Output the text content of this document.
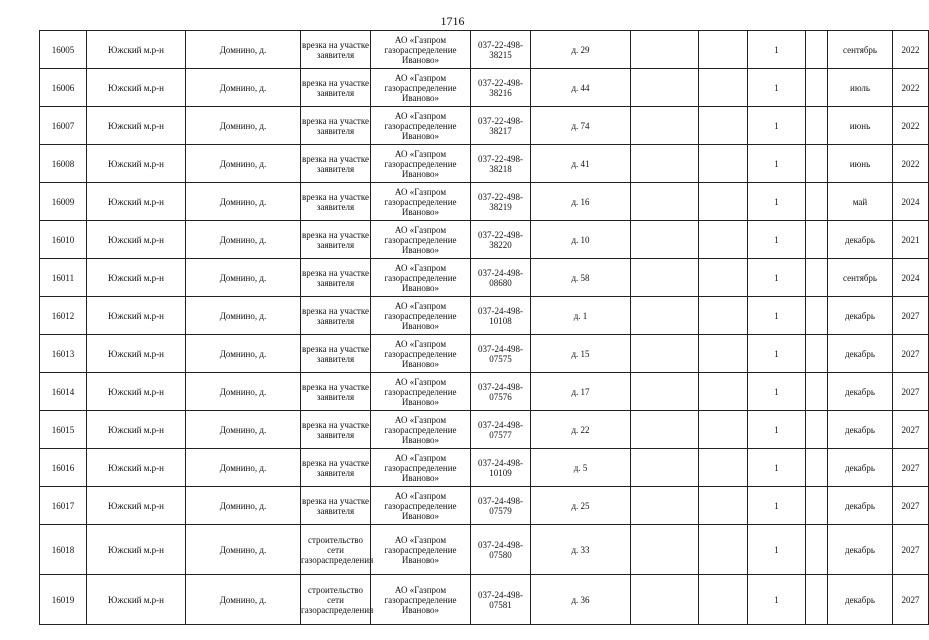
1716
16005	Южский м.р-н	Домнино, д.	врезка на участке заявителя	АО «Газпром газораспределение Иваново»	037-22-498-38215	д. 29			1		сентябрь	2022
16006	Южский м.р-н	Домнино, д.	врезка на участке заявителя	АО «Газпром газораспределение Иваново»	037-22-498-38216	д. 44			1		июль	2022
16007	Южский м.р-н	Домнино, д.	врезка на участке заявителя	АО «Газпром газораспределение Иваново»	037-22-498-38217	д. 74			1		июнь	2022
16008	Южский м.р-н	Домнино, д.	врезка на участке заявителя	АО «Газпром газораспределение Иваново»	037-22-498-38218	д. 41			1		июнь	2022
16009	Южский м.р-н	Домнино, д.	врезка на участке заявителя	АО «Газпром газораспределение Иваново»	037-22-498-38219	д. 16			1		май	2024
16010	Южский м.р-н	Домнино, д.	врезка на участке заявителя	АО «Газпром газораспределение Иваново»	037-22-498-38220	д. 10			1		декабрь	2021
16011	Южский м.р-н	Домнино, д.	врезка на участке заявителя	АО «Газпром газораспределение Иваново»	037-24-498-08680	д. 58			1		сентябрь	2024
16012	Южский м.р-н	Домнино, д.	врезка на участке заявителя	АО «Газпром газораспределение Иваново»	037-24-498-10108	д. 1			1		декабрь	2027
16013	Южский м.р-н	Домнино, д.	врезка на участке заявителя	АО «Газпром газораспределение Иваново»	037-24-498-07575	д. 15			1		декабрь	2027
16014	Южский м.р-н	Домнино, д.	врезка на участке заявителя	АО «Газпром газораспределение Иваново»	037-24-498-07576	д. 17			1		декабрь	2027
16015	Южский м.р-н	Домнино, д.	врезка на участке заявителя	АО «Газпром газораспределение Иваново»	037-24-498-07577	д. 22			1		декабрь	2027
16016	Южский м.р-н	Домнино, д.	врезка на участке заявителя	АО «Газпром газораспределение Иваново»	037-24-498-10109	д. 5			1		декабрь	2027
16017	Южский м.р-н	Домнино, д.	врезка на участке заявителя	АО «Газпром газораспределение Иваново»	037-24-498-07579	д. 25			1		декабрь	2027
16018	Южский м.р-н	Домнино, д.	строительство сети газораспределения	АО «Газпром газораспределение Иваново»	037-24-498-07580	д. 33			1		декабрь	2027
16019	Южский м.р-н	Домнино, д.	строительство сети газораспределения	АО «Газпром газораспределение Иваново»	037-24-498-07581	д. 36			1		декабрь	2027
